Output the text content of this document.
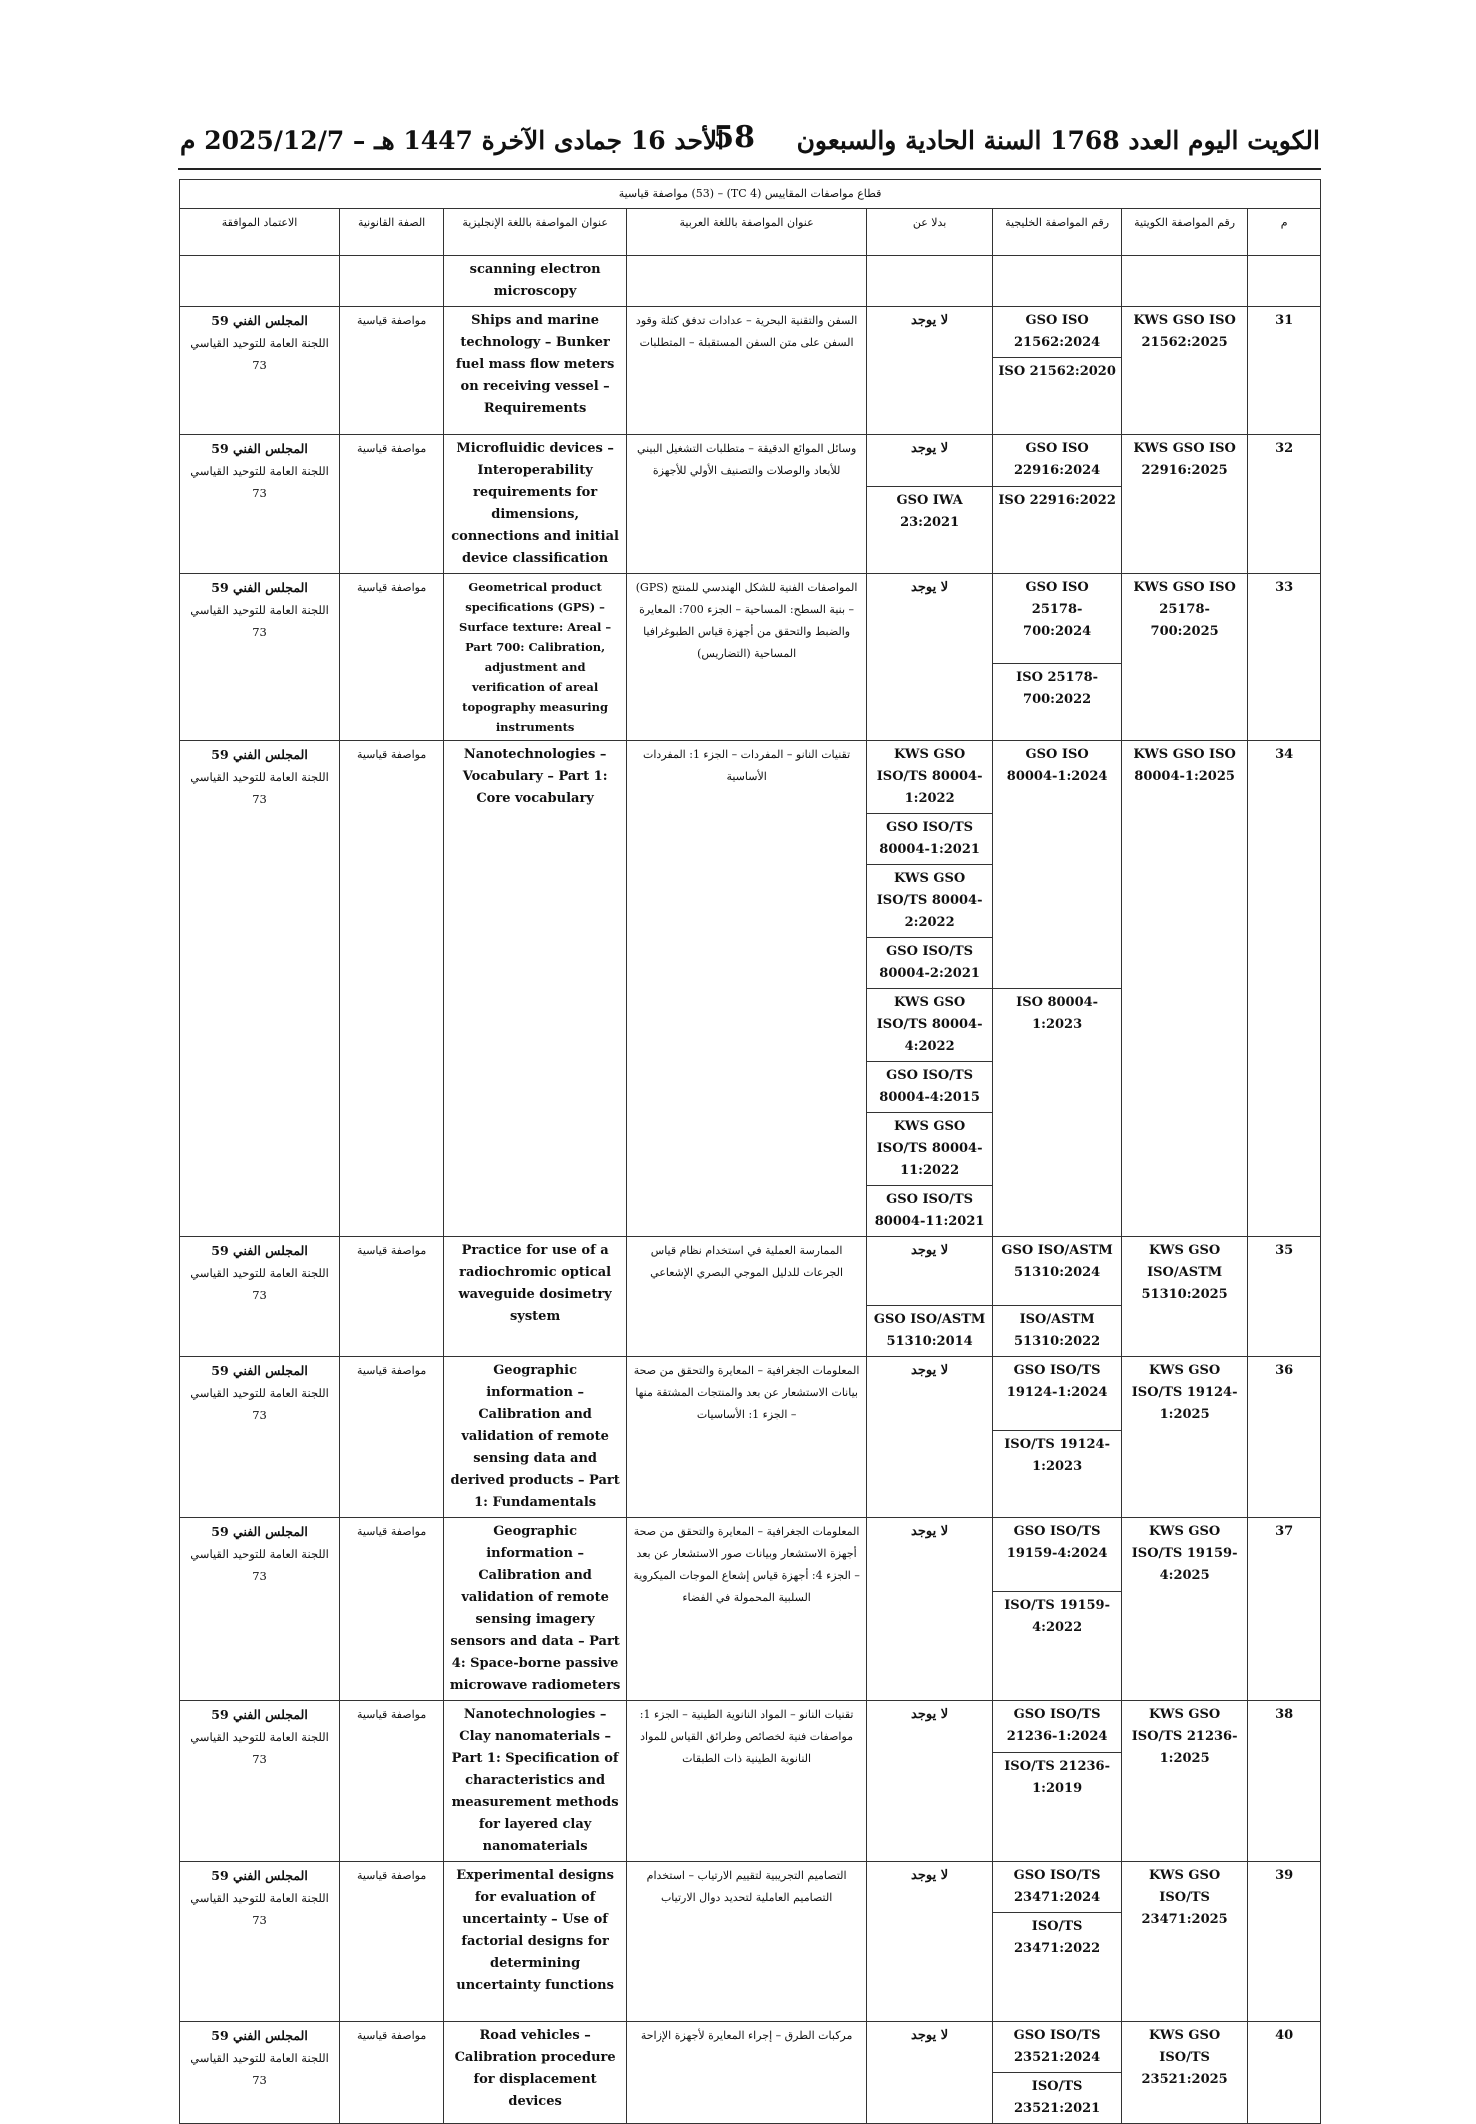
الكويت اليوم العدد 1768 السنة الحادية والسبعون
58
الأحد 16 جمادى الآخرة 1447 هـ – 2025/12/7 م
قطاع مواصفات المقاييس (TC 4) – (53) مواصفة قياسية							
م	رقم المواصفة الكويتية	رقم المواصفة الخليجية	بدلا عن	عنوان المواصفة باللغة العربية	عنوان المواصفة باللغة الإنجليزية	الصفة القانونية	الاعتماد الموافقة
					scanning electron microscopy		
31	KWS GSO ISO 21562:2025	GSO ISO 21562:2024	لا يوجد	السفن والتقنية البحرية – عدادات تدفق كتلة وقود السفن على متن السفن المستقبلة – المتطلبات	Ships and marine technology – Bunker fuel mass flow meters on receiving vessel – Requirements	مواصفة قياسية	المجلس الفني 59
اللجنة العامة للتوحيد القياسي 73
		ISO 21562:2020					
32	KWS GSO ISO 22916:2025	GSO ISO 22916:2024	لا يوجد	وسائل الموائع الدقيقة – متطلبات التشغيل البيني للأبعاد والوصلات والتصنيف الأولي للأجهزة	Microfluidic devices – Interoperability requirements for dimensions, connections and initial device classification	مواصفة قياسية	المجلس الفني 59
اللجنة العامة للتوحيد القياسي 73
		ISO 22916:2022	GSO IWA 23:2021				
33	KWS GSO ISO 25178-700:2025	GSO ISO 25178-700:2024	لا يوجد	المواصفات الفنية للشكل الهندسي للمنتج (GPS) – بنية السطح: المساحية – الجزء 700: المعايرة والضبط والتحقق من أجهزة قياس الطبوغرافيا المساحية (التضاريس)	Geometrical product specifications (GPS) – Surface texture: Areal – Part 700: Calibration, adjustment and verification of areal topography measuring instruments	مواصفة قياسية	المجلس الفني 59
اللجنة العامة للتوحيد القياسي 73
		ISO 25178-700:2022					
34	KWS GSO ISO 80004-1:2025	GSO ISO 80004-1:2024	KWS GSO ISO/TS 80004-1:2022	تقنيات النانو – المفردات – الجزء 1: المفردات الأساسية	Nanotechnologies – Vocabulary – Part 1: Core vocabulary	مواصفة قياسية	المجلس الفني 59
اللجنة العامة للتوحيد القياسي 73
			GSO ISO/TS 80004-1:2021				
			KWS GSO ISO/TS 80004-2:2022				
			GSO ISO/TS 80004-2:2021				
		ISO 80004-1:2023	KWS GSO ISO/TS 80004-4:2022				
			GSO ISO/TS 80004-4:2015				
			KWS GSO ISO/TS 80004-11:2022				
			GSO ISO/TS 80004-11:2021				
35	KWS GSO ISO/ASTM 51310:2025	GSO ISO/ASTM 51310:2024	لا يوجد	الممارسة العملية في استخدام نظام قياس الجرعات للدليل الموجي البصري الإشعاعي	Practice for use of a radiochromic optical waveguide dosimetry system	مواصفة قياسية	المجلس الفني 59
اللجنة العامة للتوحيد القياسي 73
		ISO/ASTM 51310:2022	GSO ISO/ASTM 51310:2014				
36	KWS GSO ISO/TS 19124-1:2025	GSO ISO/TS 19124-1:2024	لا يوجد	المعلومات الجغرافية – المعايرة والتحقق من صحة بيانات الاستشعار عن بعد والمنتجات المشتقة منها – الجزء 1: الأساسيات	Geographic information – Calibration and validation of remote sensing data and derived products – Part 1: Fundamentals	مواصفة قياسية	المجلس الفني 59
اللجنة العامة للتوحيد القياسي 73
		ISO/TS 19124-1:2023					
37	KWS GSO ISO/TS 19159-4:2025	GSO ISO/TS 19159-4:2024	لا يوجد	المعلومات الجغرافية – المعايرة والتحقق من صحة أجهزة الاستشعار وبيانات صور الاستشعار عن بعد – الجزء 4: أجهزة قياس إشعاع الموجات الميكروية السلبية المحمولة في الفضاء	Geographic information – Calibration and validation of remote sensing imagery sensors and data – Part 4: Space-borne passive microwave radiometers	مواصفة قياسية	المجلس الفني 59
اللجنة العامة للتوحيد القياسي 73
		ISO/TS 19159-4:2022					
38	KWS GSO ISO/TS 21236-1:2025	GSO ISO/TS 21236-1:2024	لا يوجد	تقنيات النانو – المواد النانوية الطينية – الجزء 1: مواصفات فنية لخصائص وطرائق القياس للمواد النانوية الطينية ذات الطبقات	Nanotechnologies – Clay nanomaterials – Part 1: Specification of characteristics and measurement methods for layered clay nanomaterials	مواصفة قياسية	المجلس الفني 59
اللجنة العامة للتوحيد القياسي 73
		ISO/TS 21236-1:2019					
39	KWS GSO ISO/TS 23471:2025	GSO ISO/TS 23471:2024	لا يوجد	التصاميم التجريبية لتقييم الارتياب – استخدام التصاميم العاملية لتحديد دوال الارتياب	Experimental designs for evaluation of uncertainty – Use of factorial designs for determining uncertainty functions	مواصفة قياسية	المجلس الفني 59
اللجنة العامة للتوحيد القياسي 73
		ISO/TS 23471:2022					
40	KWS GSO ISO/TS 23521:2025	GSO ISO/TS 23521:2024	لا يوجد	مركبات الطرق – إجراء المعايرة لأجهزة الإزاحة	Road vehicles – Calibration procedure for displacement devices	مواصفة قياسية	المجلس الفني 59
اللجنة العامة للتوحيد القياسي 73
		ISO/TS 23521:2021					
